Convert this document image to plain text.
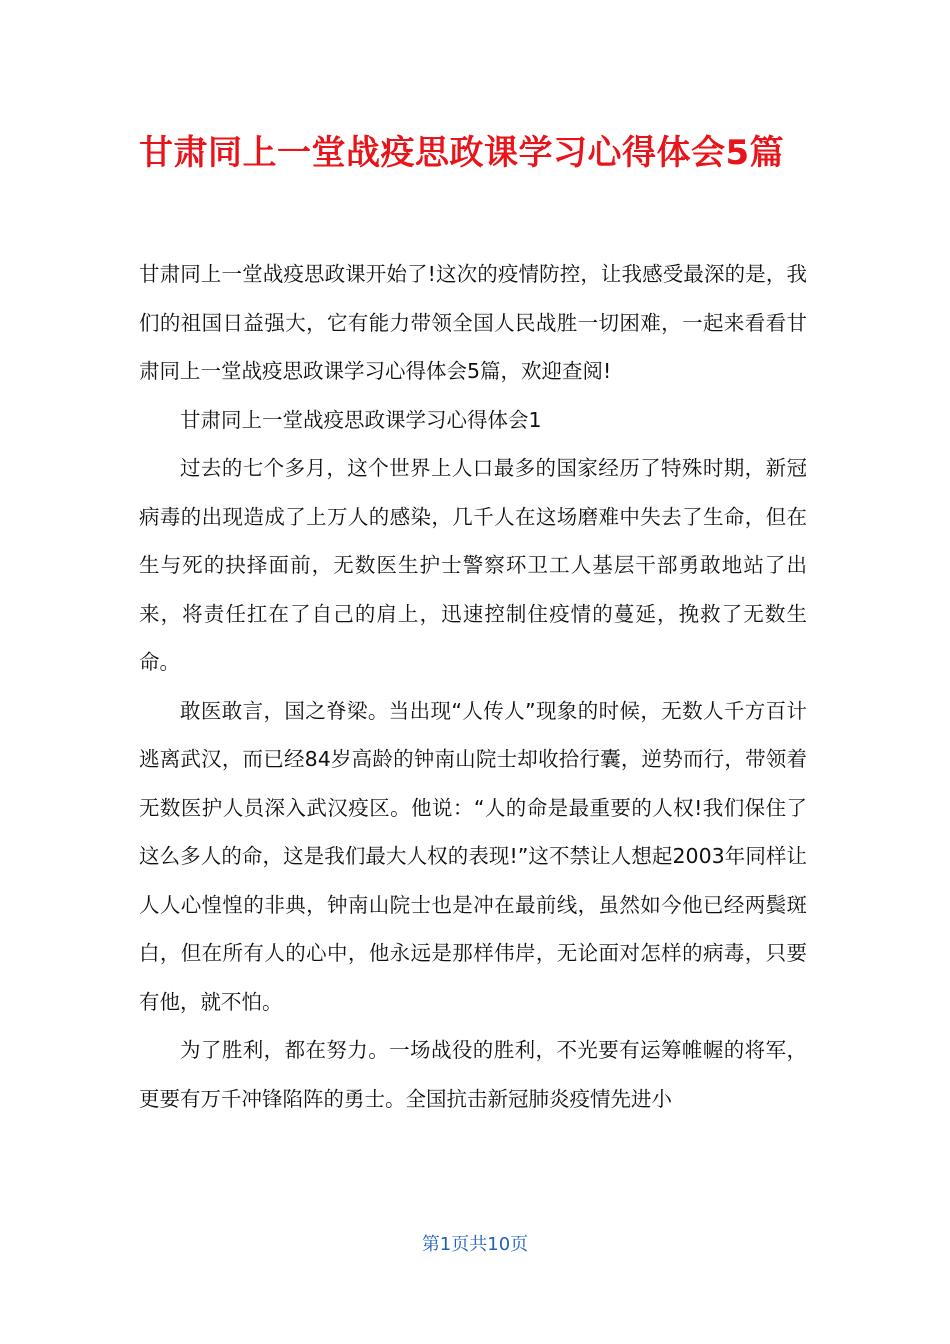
甘肃同上一堂战疫思政课学习心得体会5篇

甘肃同上一堂战疫思政课开始了!这次的疫情防控，让我感受最深的是，我们的祖国日益强大，它有能力带领全国人民战胜一切困难，一起来看看甘肃同上一堂战疫思政课学习心得体会5篇，欢迎查阅!

甘肃同上一堂战疫思政课学习心得体会1

过去的七个多月，这个世界上人口最多的国家经历了特殊时期，新冠病毒的出现造成了上万人的感染，几千人在这场磨难中失去了生命，但在生与死的抉择面前，无数医生护士警察环卫工人基层干部勇敢地站了出来，将责任扛在了自己的肩上，迅速控制住疫情的蔓延，挽救了无数生命。

敢医敢言，国之脊梁。当出现“人传人”现象的时候，无数人千方百计逃离武汉，而已经84岁高龄的钟南山院士却收拾行囊，逆势而行，带领着无数医护人员深入武汉疫区。他说：“人的命是最重要的人权!我们保住了这么多人的命，这是我们最大人权的表现!”这不禁让人想起2003年同样让人人心惶惶的非典，钟南山院士也是冲在最前线，虽然如今他已经两鬓斑白，但在所有人的心中，他永远是那样伟岸，无论面对怎样的病毒，只要有他，就不怕。

为了胜利，都在努力。一场战役的胜利，不光要有运筹帷幄的将军，更要有万千冲锋陷阵的勇士。全国抗击新冠肺炎疫情先进小

第1页共10页
